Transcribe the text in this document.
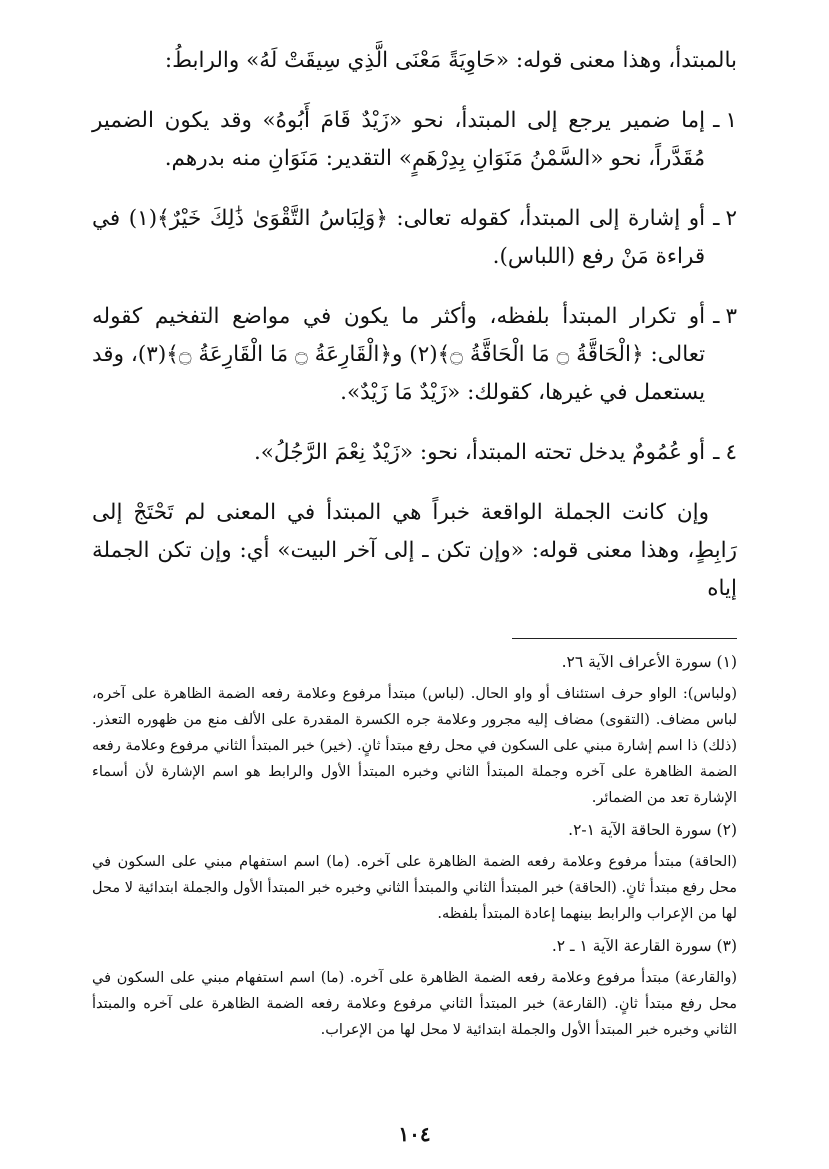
بالمبتدأ، وهذا معنى قوله: «حَاوِيَةً مَعْنَى الَّذِي سِيقَتْ لَهُ» والرابطُ:

١
ـ

إما ضمير يرجع إلى المبتدأ، نحو «زَيْدٌ قَامَ أَبُوهُ» وقد يكون الضمير مُقَدَّراً، نحو «السَّمْنُ مَنَوَانِ بِدِرْهَمٍ» التقدير: مَنَوَانِ منه بدرهم.

٢
ـ

أو إشارة إلى المبتدأ، كقوله تعالى: ﴿وَلِبَاسُ التَّقْوَىٰ ذَٰلِكَ خَيْرٌ﴾(١) في قراءة مَنْ رفع (اللباس).

٣
ـ

أو تكرار المبتدأ بلفظه، وأكثر ما يكون في مواضع التفخيم كقوله تعالى: ﴿الْحَاقَّةُ ۝ مَا الْحَاقَّةُ ۝﴾(٢) و﴿الْقَارِعَةُ ۝ مَا الْقَارِعَةُ ۝﴾(٣)، وقد يستعمل في غيرها، كقولك: «زَيْدٌ مَا زَيْدٌ».

٤
ـ

أو عُمُومٌ يدخل تحته المبتدأ، نحو: «زَيْدٌ نِعْمَ الرَّجُلُ».

وإن كانت الجملة الواقعة خبراً هي المبتدأ في المعنى لم تَحْتَجْ إلى رَابِطٍ، وهذا معنى قوله: «وإن تكن ـ إلى آخر البيت» أي: وإن تكن الجملة إياه

(١) سورة الأعراف الآية ٢٦.

(ولباس): الواو حرف استئناف أو واو الحال. (لباس) مبتدأ مرفوع وعلامة رفعه الضمة الظاهرة على آخره، لباس مضاف. (التقوى) مضاف إليه مجرور وعلامة جره الكسرة المقدرة على الألف منع من ظهوره التعذر. (ذلك) ذا اسم إشارة مبني على السكون في محل رفع مبتدأ ثانٍ. (خير) خبر المبتدأ الثاني مرفوع وعلامة رفعه الضمة الظاهرة على آخره وجملة المبتدأ الثاني وخبره المبتدأ الأول والرابط هو اسم الإشارة لأن أسماء الإشارة تعد من الضمائر.

(٢) سورة الحاقة الآية ١-٢.

(الحاقة) مبتدأ مرفوع وعلامة رفعه الضمة الظاهرة على آخره. (ما) اسم استفهام مبني على السكون في محل رفع مبتدأ ثانٍ. (الحاقة) خبر المبتدأ الثاني والمبتدأ الثاني وخبره خبر المبتدأ الأول والجملة ابتدائية لا محل لها من الإعراب والرابط بينهما إعادة المبتدأ بلفظه.

(٣) سورة القارعة الآية ١ ـ ٢.

(والقارعة) مبتدأ مرفوع وعلامة رفعه الضمة الظاهرة على آخره. (ما) اسم استفهام مبني على السكون في محل رفع مبتدأ ثانٍ. (القارعة) خبر المبتدأ الثاني مرفوع وعلامة رفعه الضمة الظاهرة على آخره والمبتدأ الثاني وخبره خبر المبتدأ الأول والجملة ابتدائية لا محل لها من الإعراب.

١٠٤
